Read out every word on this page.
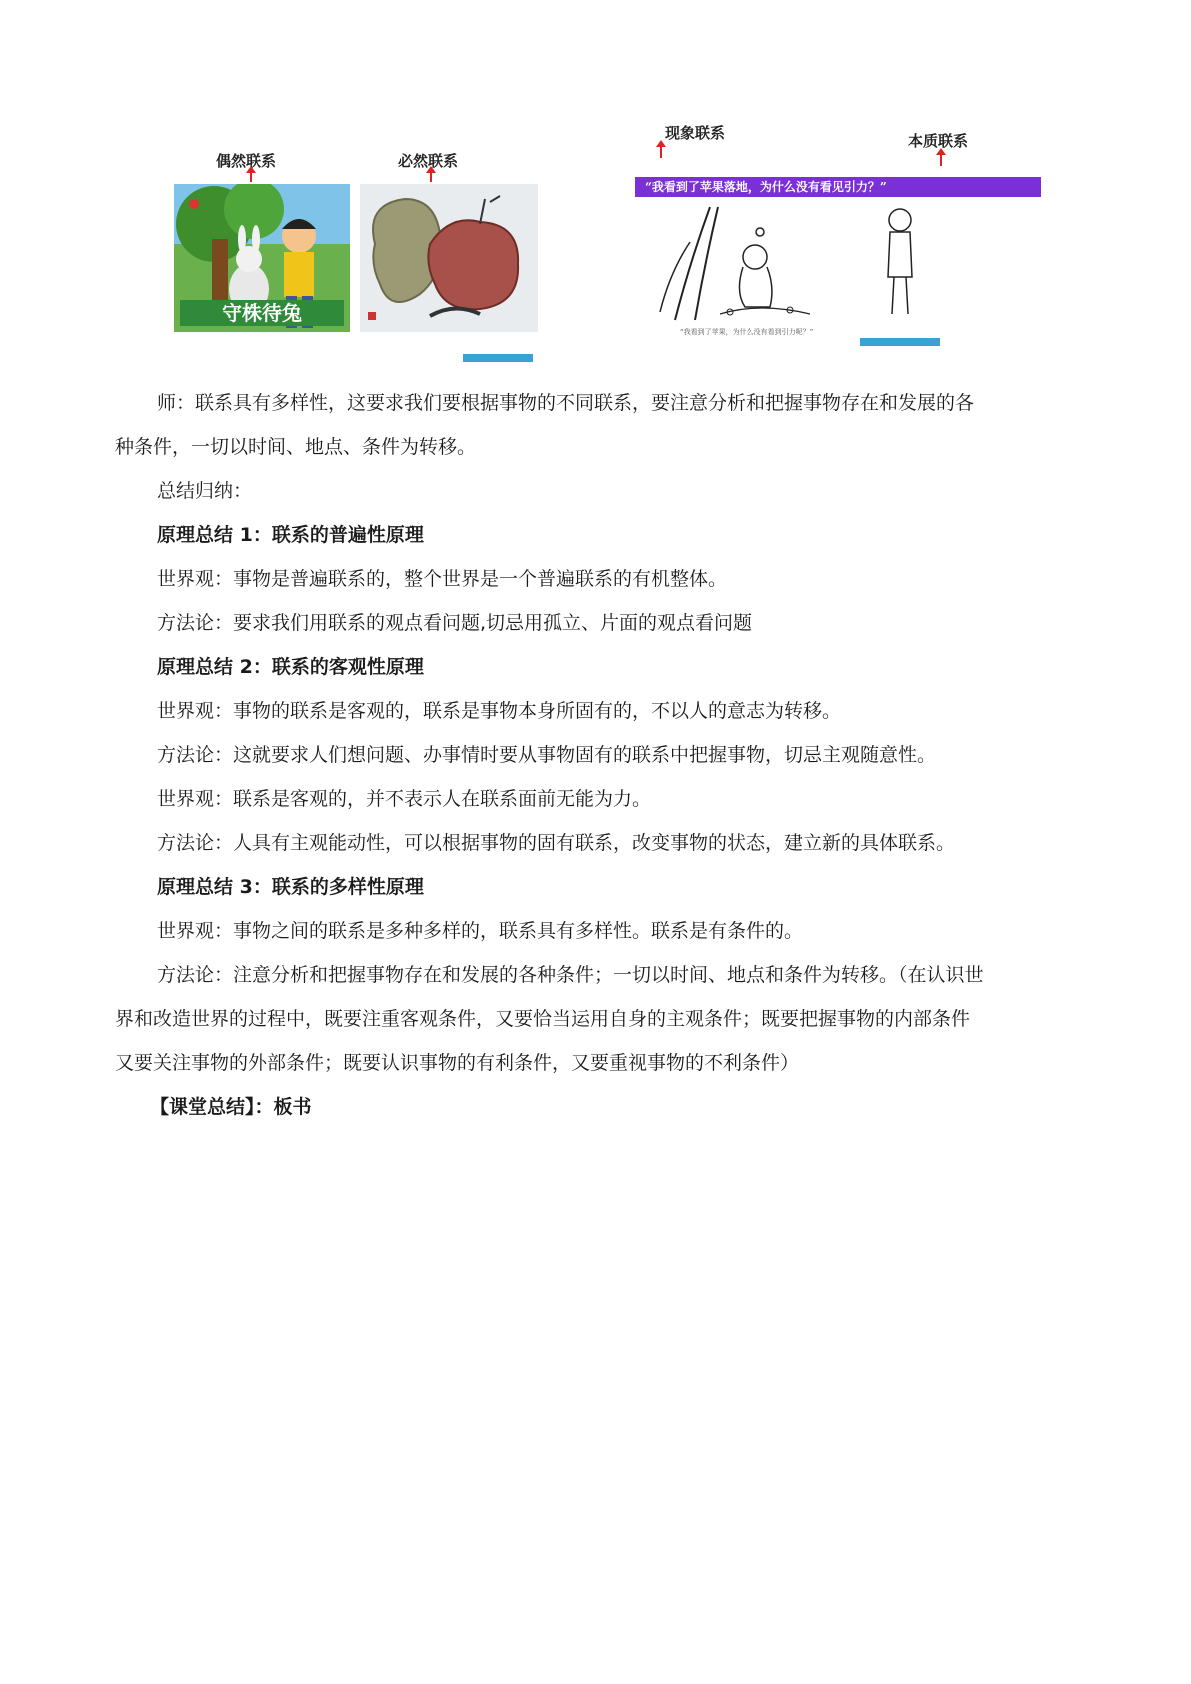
偶然联系	必然联系
守株待兔

现象联系	本质联系
“我看到了苹果落地，为什么没有看见引力？”
“我看到了苹果，为什么没有看到引力呢？”

师：联系具有多样性，这要求我们要根据事物的不同联系，要注意分析和把握事物存在和发展的各

种条件，一切以时间、地点、条件为转移。

总结归纳：

原理总结 1：联系的普遍性原理

世界观：事物是普遍联系的，整个世界是一个普遍联系的有机整体。

方法论：要求我们用联系的观点看问题,切忌用孤立、片面的观点看问题

原理总结 2：联系的客观性原理

世界观：事物的联系是客观的，联系是事物本身所固有的，不以人的意志为转移。

方法论：这就要求人们想问题、办事情时要从事物固有的联系中把握事物，切忌主观随意性。

世界观：联系是客观的，并不表示人在联系面前无能为力。

方法论：人具有主观能动性，可以根据事物的固有联系，改变事物的状态，建立新的具体联系。

原理总结 3：联系的多样性原理

世界观：事物之间的联系是多种多样的，联系具有多样性。联系是有条件的。

方法论：注意分析和把握事物存在和发展的各种条件；一切以时间、地点和条件为转移。（在认识世

界和改造世界的过程中，既要注重客观条件，又要恰当运用自身的主观条件；既要把握事物的内部条件

又要关注事物的外部条件；既要认识事物的有利条件，又要重视事物的不利条件）

【课堂总结】：板书
